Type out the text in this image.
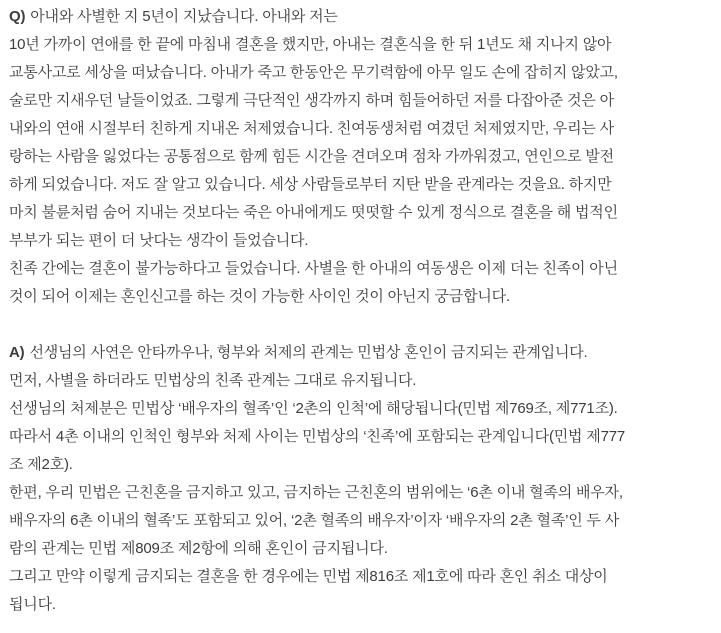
Q) 아내와 사별한 지 5년이 지났습니다. 아내와 저는
10년 가까이 연애를 한 끝에 마침내 결혼을 했지만, 아내는 결혼식을 한 뒤 1년도 채 지나지 않아
교통사고로 세상을 떠났습니다. 아내가 죽고 한동안은 무기력함에 아무 일도 손에 잡히지 않았고,
술로만 지새우던 날들이었죠. 그렇게 극단적인 생각까지 하며 힘들어하던 저를 다잡아준 것은 아
내와의 연애 시절부터 친하게 지내온 처제였습니다. 친여동생처럼 여겼던 처제였지만, 우리는 사
랑하는 사람을 잃었다는 공통점으로 함께 힘든 시간을 견뎌오며 점차 가까워졌고, 연인으로 발전
하게 되었습니다. 저도 잘 알고 있습니다. 세상 사람들로부터 지탄 받을 관계라는 것을요. 하지만
마치 불륜처럼 숨어 지내는 것보다는 죽은 아내에게도 떳떳할 수 있게 정식으로 결혼을 해 법적인
부부가 되는 편이 더 낫다는 생각이 들었습니다.
친족 간에는 결혼이 불가능하다고 들었습니다. 사별을 한 아내의 여동생은 이제 더는 친족이 아닌
것이 되어 이제는 혼인신고를 하는 것이 가능한 사이인 것이 아닌지 궁금합니다.
A) 선생님의 사연은 안타까우나, 형부와 처제의 관계는 민법상 혼인이 금지되는 관계입니다.
먼저, 사별을 하더라도 민법상의 친족 관계는 그대로 유지됩니다.
선생님의 처제분은 민법상 ‘배우자의 혈족’인 ‘2촌의 인척’에 해당됩니다(민법 제769조, 제771조).
따라서 4촌 이내의 인척인 형부와 처제 사이는 민법상의 ‘친족’에 포함되는 관계입니다(민법 제777
조 제2호).
한편, 우리 민법은 근친혼을 금지하고 있고, 금지하는 근친혼의 범위에는 ‘6촌 이내 혈족의 배우자,
배우자의 6촌 이내의 혈족’도 포함되고 있어, ‘2촌 혈족의 배우자’이자 ‘배우자의 2촌 혈족’인 두 사
람의 관계는 민법 제809조 제2항에 의해 혼인이 금지됩니다.
그리고 만약 이렇게 금지되는 결혼을 한 경우에는 민법 제816조 제1호에 따라 혼인 취소 대상이
됩니다.
